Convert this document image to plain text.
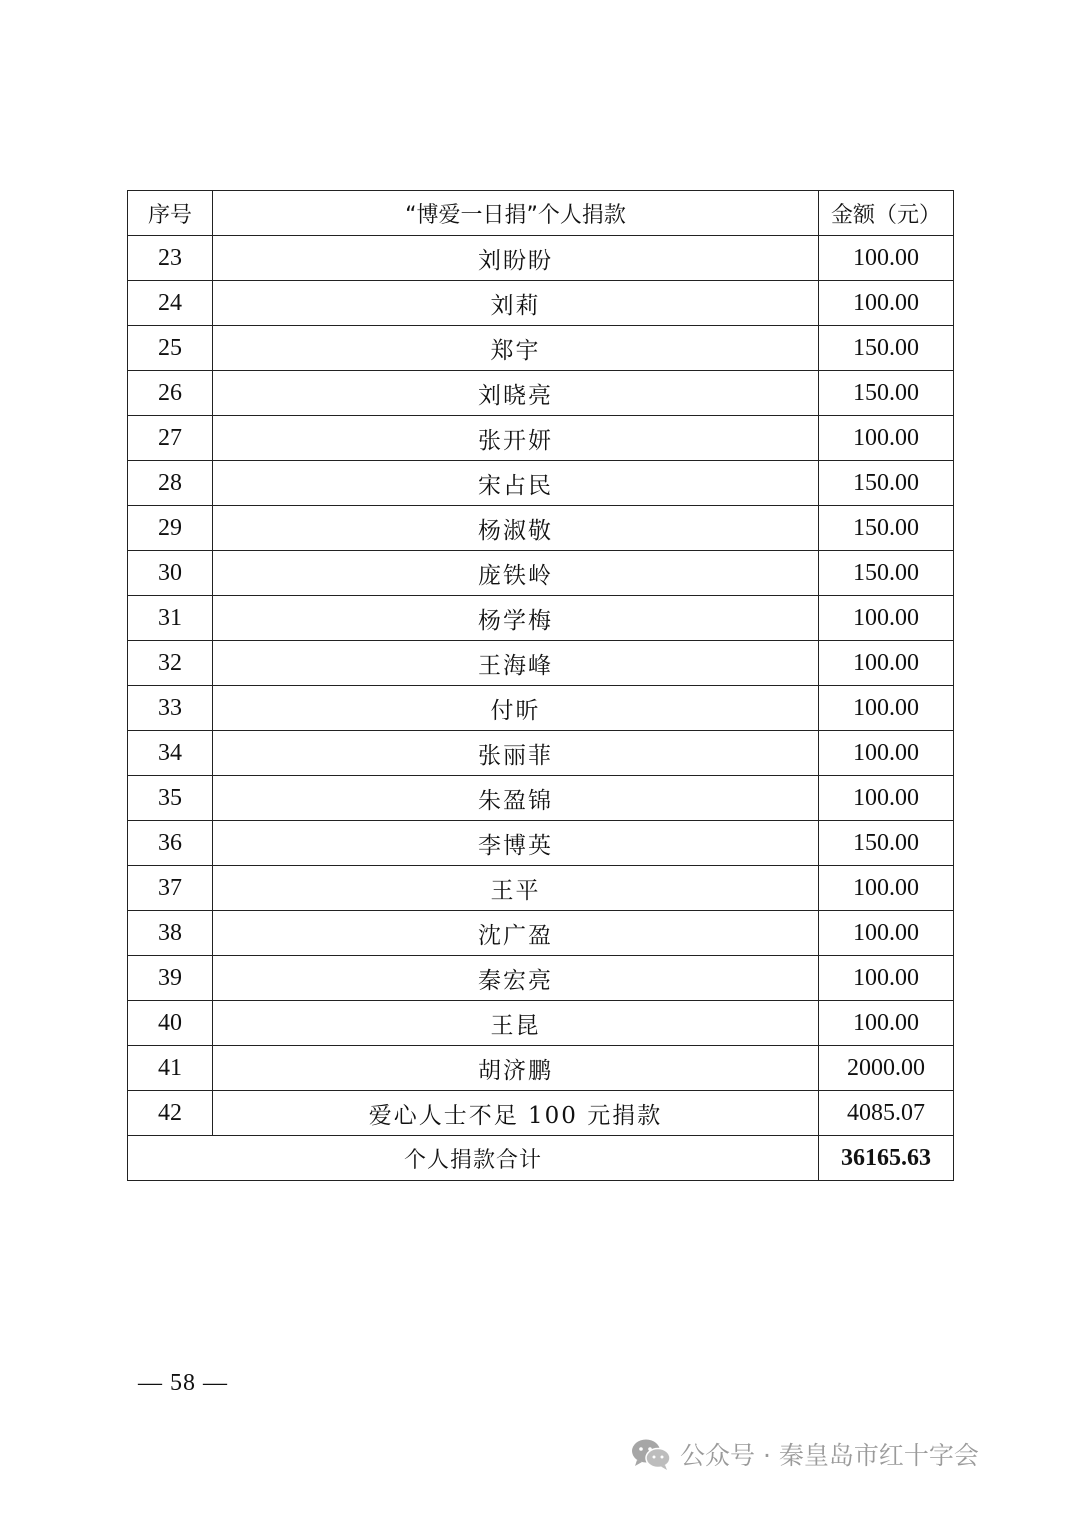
序号	“博爱一日捐”个人捐款	金额（元）
23	刘盼盼	100.00
24	刘莉	100.00
25	郑宇	150.00
26	刘晓亮	150.00
27	张开妍	100.00
28	宋占民	150.00
29	杨淑敬	150.00
30	庞铁岭	150.00
31	杨学梅	100.00
32	王海峰	100.00
33	付昕	100.00
34	张丽菲	100.00
35	朱盈锦	100.00
36	李博英	150.00
37	王平	100.00
38	沈广盈	100.00
39	秦宏亮	100.00
40	王昆	100.00
41	胡济鹏	2000.00
42	爱心人士不足 100 元捐款	4085.07
个人捐款合计		36165.63
— 58 —
公众号 · 秦皇岛市红十字会
